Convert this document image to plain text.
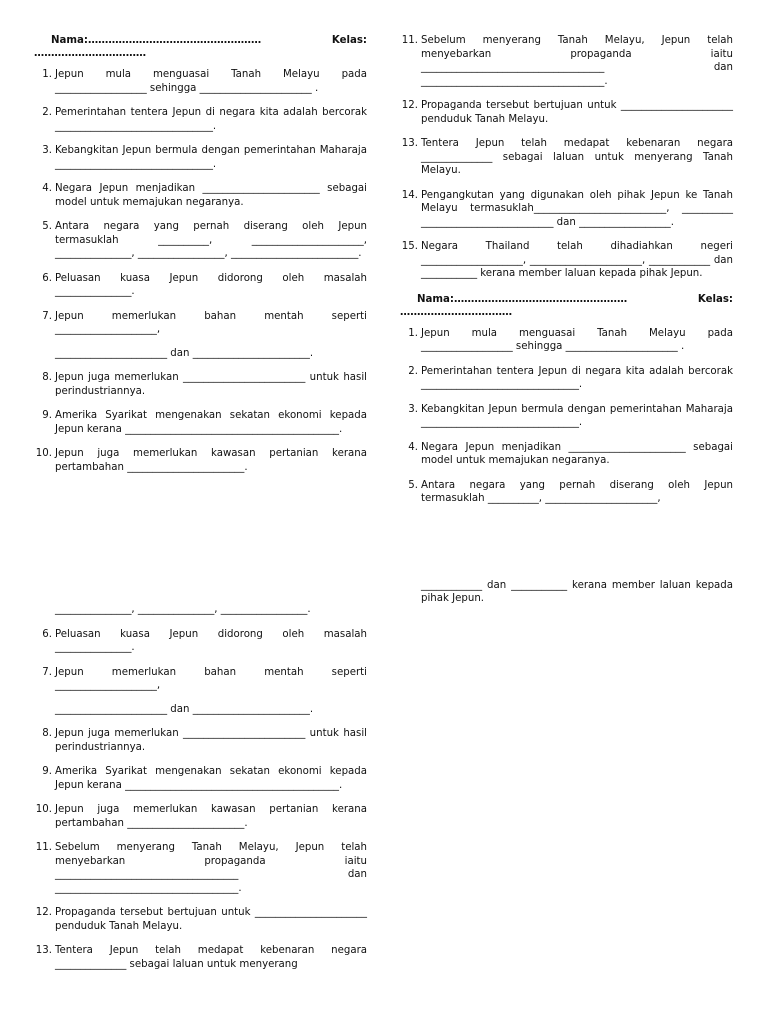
Nama:……………………………………………	Kelas:
……………………………
1. Jepun mula menguasai Tanah Melayu pada __________________ sehingga ______________________ .
2. Pemerintahan tentera Jepun di negara kita adalah bercorak _______________________________.
3. Kebangkitan Jepun bermula dengan pemerintahan Maharaja _______________________________.
4. Negara Jepun menjadikan _______________________ sebagai model untuk memajukan negaranya.
5. Antara negara yang pernah diserang oleh Jepun termasuklah __________, ______________________, _______________, _________________, _________________________.
6. Peluasan kuasa Jepun didorong oleh masalah _______________.
7. Jepun memerlukan bahan mentah seperti ____________________,
______________________ dan _______________________.
8. Jepun juga memerlukan ________________________ untuk hasil perindustriannya.
9. Amerika Syarikat mengenakan sekatan ekonomi kepada Jepun kerana __________________________________________.
10. Jepun juga memerlukan kawasan pertanian kerana pertambahan _______________________.
_______________, _______________, _________________.
6. Peluasan kuasa Jepun didorong oleh masalah _______________.
7. Jepun memerlukan bahan mentah seperti ____________________,
______________________ dan _______________________.
8. Jepun juga memerlukan ________________________ untuk hasil perindustriannya.
9. Amerika Syarikat mengenakan sekatan ekonomi kepada Jepun kerana __________________________________________.
10. Jepun juga memerlukan kawasan pertanian kerana pertambahan _______________________.
11. Sebelum menyerang Tanah Melayu, Jepun telah menyebarkan propaganda iaitu ____________________________________ dan ____________________________________.
12. Propaganda tersebut bertujuan untuk ______________________ penduduk Tanah Melayu.
13. Tentera Jepun telah medapat kebenaran negara ______________ sebagai laluan untuk menyerang
11. Sebelum menyerang Tanah Melayu, Jepun telah menyebarkan propaganda iaitu ____________________________________ dan ____________________________________.
12. Propaganda tersebut bertujuan untuk ______________________ penduduk Tanah Melayu.
13. Tentera Jepun telah medapat kebenaran negara ______________ sebagai laluan untuk menyerang Tanah Melayu.
14. Pengangkutan yang digunakan oleh pihak Jepun ke Tanah Melayu termasuklah__________________________, __________ __________________________ dan __________________.
15. Negara Thailand telah dihadiahkan negeri ____________________, ______________________, ____________ dan ___________ kerana member laluan kepada pihak Jepun.
Nama:……………………………………………	Kelas:
……………………………
1. Jepun mula menguasai Tanah Melayu pada __________________ sehingga ______________________ .
2. Pemerintahan tentera Jepun di negara kita adalah bercorak _______________________________.
3. Kebangkitan Jepun bermula dengan pemerintahan Maharaja _______________________________.
4. Negara Jepun menjadikan _______________________ sebagai model untuk memajukan negaranya.
5. Antara negara yang pernah diserang oleh Jepun termasuklah __________, ______________________,
____________ dan ___________ kerana member laluan kepada pihak Jepun.
